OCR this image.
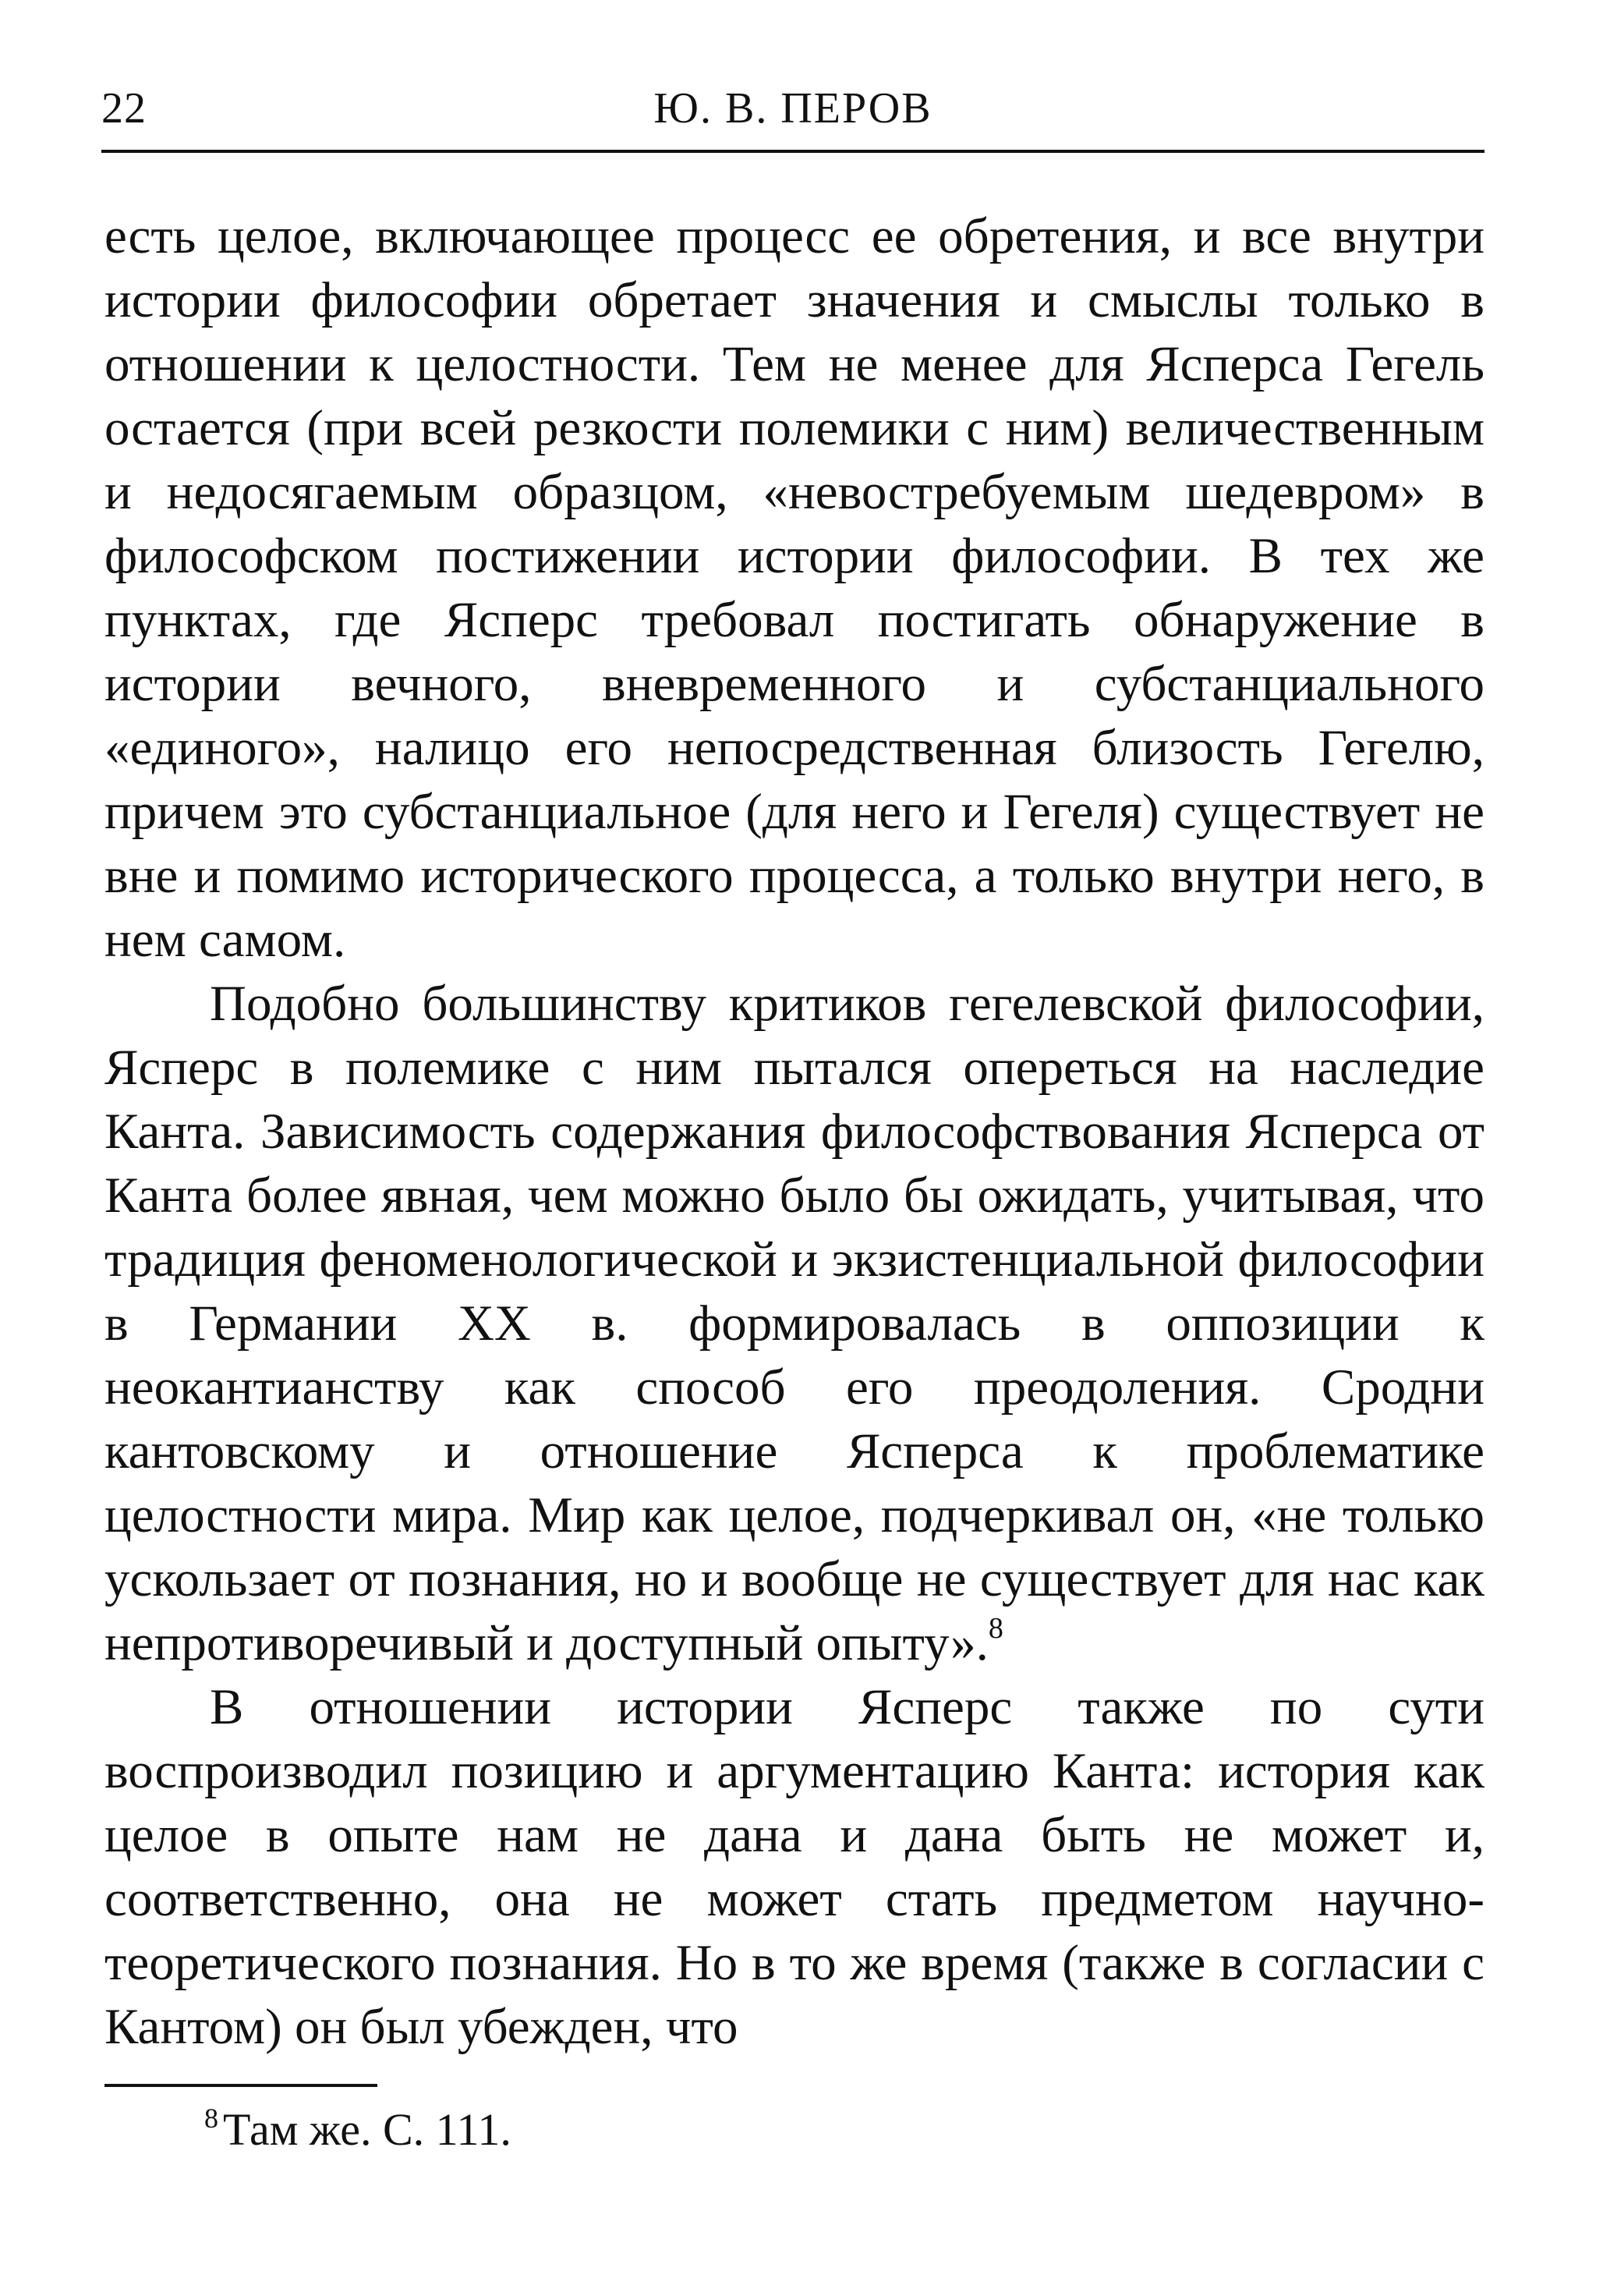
22	Ю. В. ПЕРОВ

есть целое, включающее процесс ее обретения, и все внутри истории философии обретает значения и смыслы только в отношении к целостности. Тем не менее для Ясперса Гегель остается (при всей резкости полемики с ним) величественным и недосягаемым образцом, «невостребуемым шедевром» в философском постижении истории философии. В тех же пунктах, где Ясперс требовал постигать обнаружение в истории вечного, вневременного и субстанциального «единого», налицо его непосредственная близость Гегелю, причем это субстанциальное (для него и Гегеля) существует не вне и помимо исторического процесса, а только внутри него, в нем самом.

Подобно большинству критиков гегелевской философии, Ясперс в полемике с ним пытался опереться на наследие Канта. Зависимость содержания философствования Ясперса от Канта более явная, чем можно было бы ожидать, учитывая, что традиция феноменологической и экзистенциальной философии в Германии XX в. формировалась в оппозиции к неокантианству как способ его преодоления. Сродни кантовскому и отношение Ясперса к проблематике целостности мира. Мир как целое, подчеркивал он, «не только ускользает от познания, но и вообще не существует для нас как непротиворечивый и доступный опыту».$^8$

В отношении истории Ясперс также по сути воспроизводил позицию и аргументацию Канта: история как целое в опыте нам не дана и дана быть не может и, соответственно, она не может стать предметом научно-теоретического познания. Но в то же время (также в согласии с Кантом) он был убежден, что

$^8$ Там же. С. 111.
